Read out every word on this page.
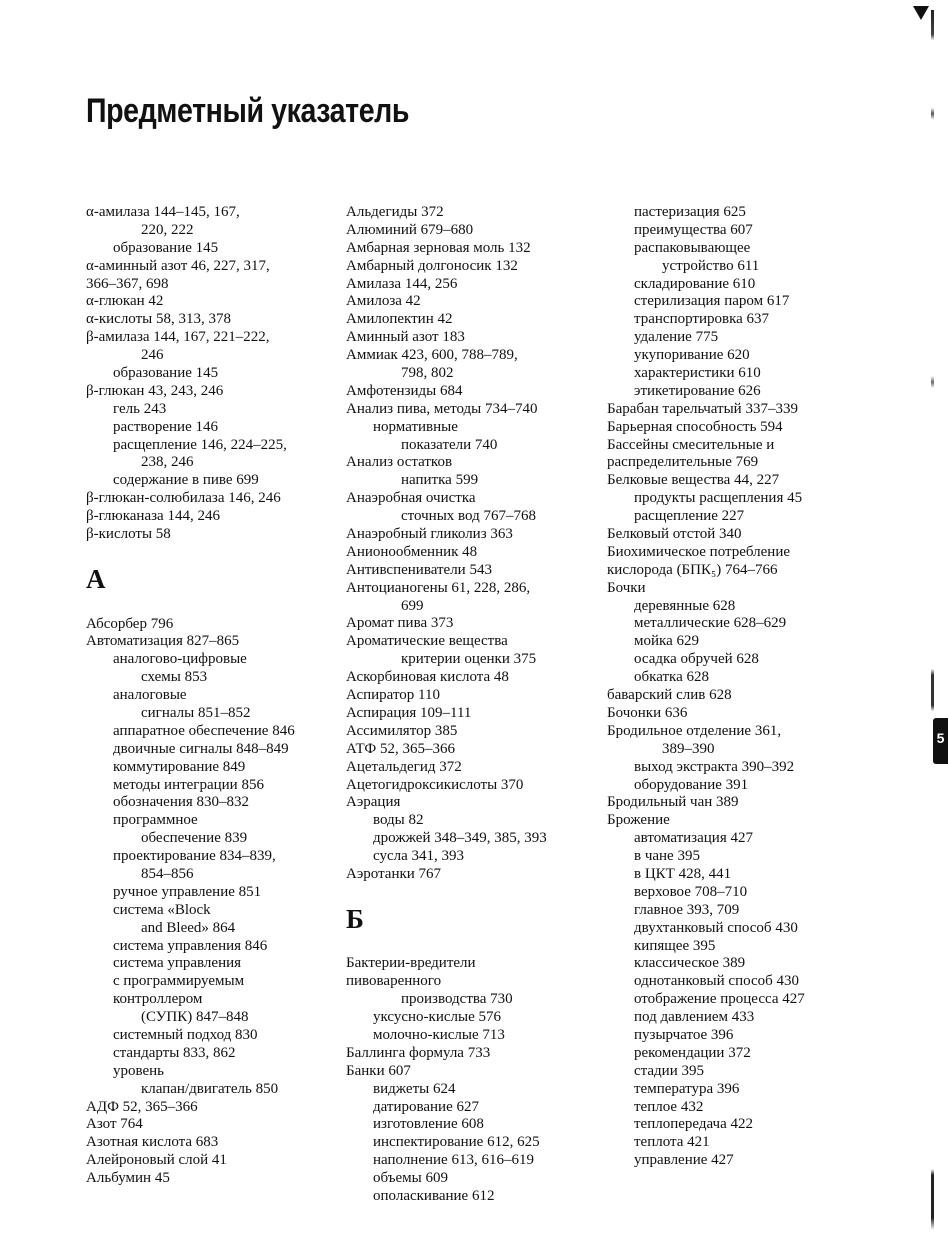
Предметный указатель
α-амилаза 144–145, 167,
220, 222
образование 145
α-аминный азот 46, 227, 317,
366–367, 698
α-глюкан 42
α-кислоты 58, 313, 378
β-амилаза 144, 167, 221–222,
246
образование 145
β-глюкан 43, 243, 246
гель 243
растворение 146
расщепление 146, 224–225,
238, 246
содержание в пиве 699
β-глюкан-солюбилаза 146, 246
β-глюканаза 144, 246
β-кислоты 58
А
Абсорбер 796
Автоматизация 827–865
аналогово-цифровые
схемы 853
аналоговые
сигналы 851–852
аппаратное обеспечение 846
двоичные сигналы 848–849
коммутирование 849
методы интеграции 856
обозначения 830–832
программное
обеспечение 839
проектирование 834–839,
854–856
ручное управление 851
система «Block
and Bleed» 864
система управления 846
система управления
с программируемым
контроллером
(СУПК) 847–848
системный подход 830
стандарты 833, 862
уровень
клапан/двигатель 850
АДФ 52, 365–366
Азот 764
Азотная кислота 683
Алейроновый слой 41
Альбумин 45
Альдегиды 372
Алюминий 679–680
Амбарная зерновая моль 132
Амбарный долгоносик 132
Амилаза 144, 256
Амилоза 42
Амилопектин 42
Аминный азот 183
Аммиак 423, 600, 788–789,
798, 802
Амфотензиды 684
Анализ пива, методы 734–740
нормативные
показатели 740
Анализ остатков
напитка 599
Анаэробная очистка
сточных вод 767–768
Анаэробный гликолиз 363
Анионообменник 48
Антивспениватели 543
Антоцианогены 61, 228, 286,
699
Аромат пива 373
Ароматические вещества
критерии оценки 375
Аскорбиновая кислота 48
Аспиратор 110
Аспирация 109–111
Ассимилятор 385
АТФ 52, 365–366
Ацетальдегид 372
Ацетогидроксикислоты 370
Аэрация
воды 82
дрожжей 348–349, 385, 393
сусла 341, 393
Аэротанки 767
Б
Бактерии-вредители
пивоваренного
производства 730
уксусно-кислые 576
молочно-кислые 713
Баллинга формула 733
Банки 607
виджеты 624
датирование 627
изготовление 608
инспектирование 612, 625
наполнение 613, 616–619
объемы 609
ополаскивание 612
пастеризация 625
преимущества 607
распаковывающее
устройство 611
складирование 610
стерилизация паром 617
транспортировка 637
удаление 775
укупоривание 620
характеристики 610
этикетирование 626
Барабан тарельчатый 337–339
Барьерная способность 594
Бассейны смесительные и
распределительные 769
Белковые вещества 44, 227
продукты расщепления 45
расщепление 227
Белковый отстой 340
Биохимическое потребление
кислорода (БПК₅) 764–766
Бочки
деревянные 628
металлические 628–629
мойка 629
осадка обручей 628
обкатка 628
баварский слив 628
Бочонки 636
Бродильное отделение 361,
389–390
выход экстракта 390–392
оборудование 391
Бродильный чан 389
Брожение
автоматизация 427
в чане 395
в ЦКТ 428, 441
верховое 708–710
главное 393, 709
двухтанковый способ 430
кипящее 395
классическое 389
однотанковый способ 430
отображение процесса 427
под давлением 433
пузырчатое 396
рекомендации 372
стадии 395
температура 396
теплое 432
теплопередача 422
теплота 421
управление 427
5
